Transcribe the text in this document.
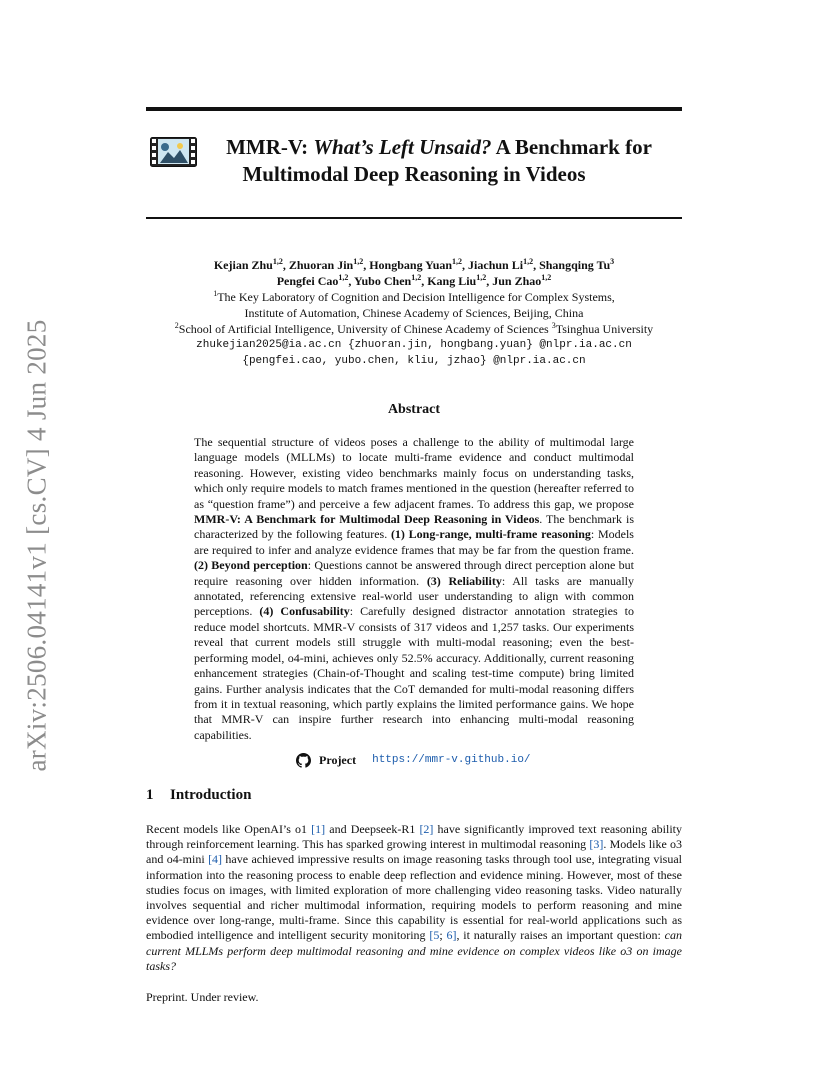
arXiv:2506.04141v1 [cs.CV] 4 Jun 2025
MMR-V: What’s Left Unsaid? A Benchmark for
Multimodal Deep Reasoning in Videos
Kejian Zhu$^{1,2}$, Zhuoran Jin$^{1,2}$, Hongbang Yuan$^{1,2}$, Jiachun Li$^{1,2}$, Shangqing Tu$^3$
Pengfei Cao$^{1,2}$, Yubo Chen$^{1,2}$, Kang Liu$^{1,2}$, Jun Zhao$^{1,2}$
$^1$The Key Laboratory of Cognition and Decision Intelligence for Complex Systems,
Institute of Automation, Chinese Academy of Sciences, Beijing, China
$^2$School of Artificial Intelligence, University of Chinese Academy of Sciences $^3$Tsinghua University
zhukejian2025@ia.ac.cn {zhuoran.jin, hongbang.yuan} @nlpr.ia.ac.cn
{pengfei.cao, yubo.chen, kliu, jzhao} @nlpr.ia.ac.cn
Abstract
The sequential structure of videos poses a challenge to the ability of multimodal large language models (MLLMs) to locate multi-frame evidence and conduct multimodal reasoning. However, existing video benchmarks mainly focus on understanding tasks, which only require models to match frames mentioned in the question (hereafter referred to as “question frame”) and perceive a few adjacent frames. To address this gap, we propose MMR-V: A Benchmark for Multimodal Deep Reasoning in Videos. The benchmark is characterized by the following features. (1) Long-range, multi-frame reasoning: Models are required to infer and analyze evidence frames that may be far from the question frame. (2) Beyond perception: Questions cannot be answered through direct perception alone but require reasoning over hidden information. (3) Reliability: All tasks are manually annotated, referencing extensive real-world user understanding to align with common perceptions. (4) Confusability: Carefully designed distractor annotation strategies to reduce model shortcuts. MMR-V consists of 317 videos and 1,257 tasks. Our experiments reveal that current models still struggle with multi-modal reasoning; even the best-performing model, o4-mini, achieves only 52.5% accuracy. Additionally, current reasoning enhancement strategies (Chain-of-Thought and scaling test-time compute) bring limited gains. Further analysis indicates that the CoT demanded for multi-modal reasoning differs from it in textual reasoning, which partly explains the limited performance gains. We hope that MMR-V can inspire further research into enhancing multi-modal reasoning capabilities.
Project https://mmr-v.github.io/
1 Introduction
Recent models like OpenAI’s o1 [1] and Deepseek-R1 [2] have significantly improved text reasoning ability through reinforcement learning. This has sparked growing interest in multimodal reasoning [3]. Models like o3 and o4-mini [4] have achieved impressive results on image reasoning tasks through tool use, integrating visual information into the reasoning process to enable deep reflection and evidence mining. However, most of these studies focus on images, with limited exploration of more challenging video reasoning tasks. Video naturally involves sequential and richer multimodal information, requiring models to perform reasoning and mine evidence over long-range, multi-frame. Since this capability is essential for real-world applications such as embodied intelligence and intelligent security monitoring [5; 6], it naturally raises an important question: can current MLLMs perform deep multimodal reasoning and mine evidence on complex videos like o3 on image tasks?
Preprint. Under review.
